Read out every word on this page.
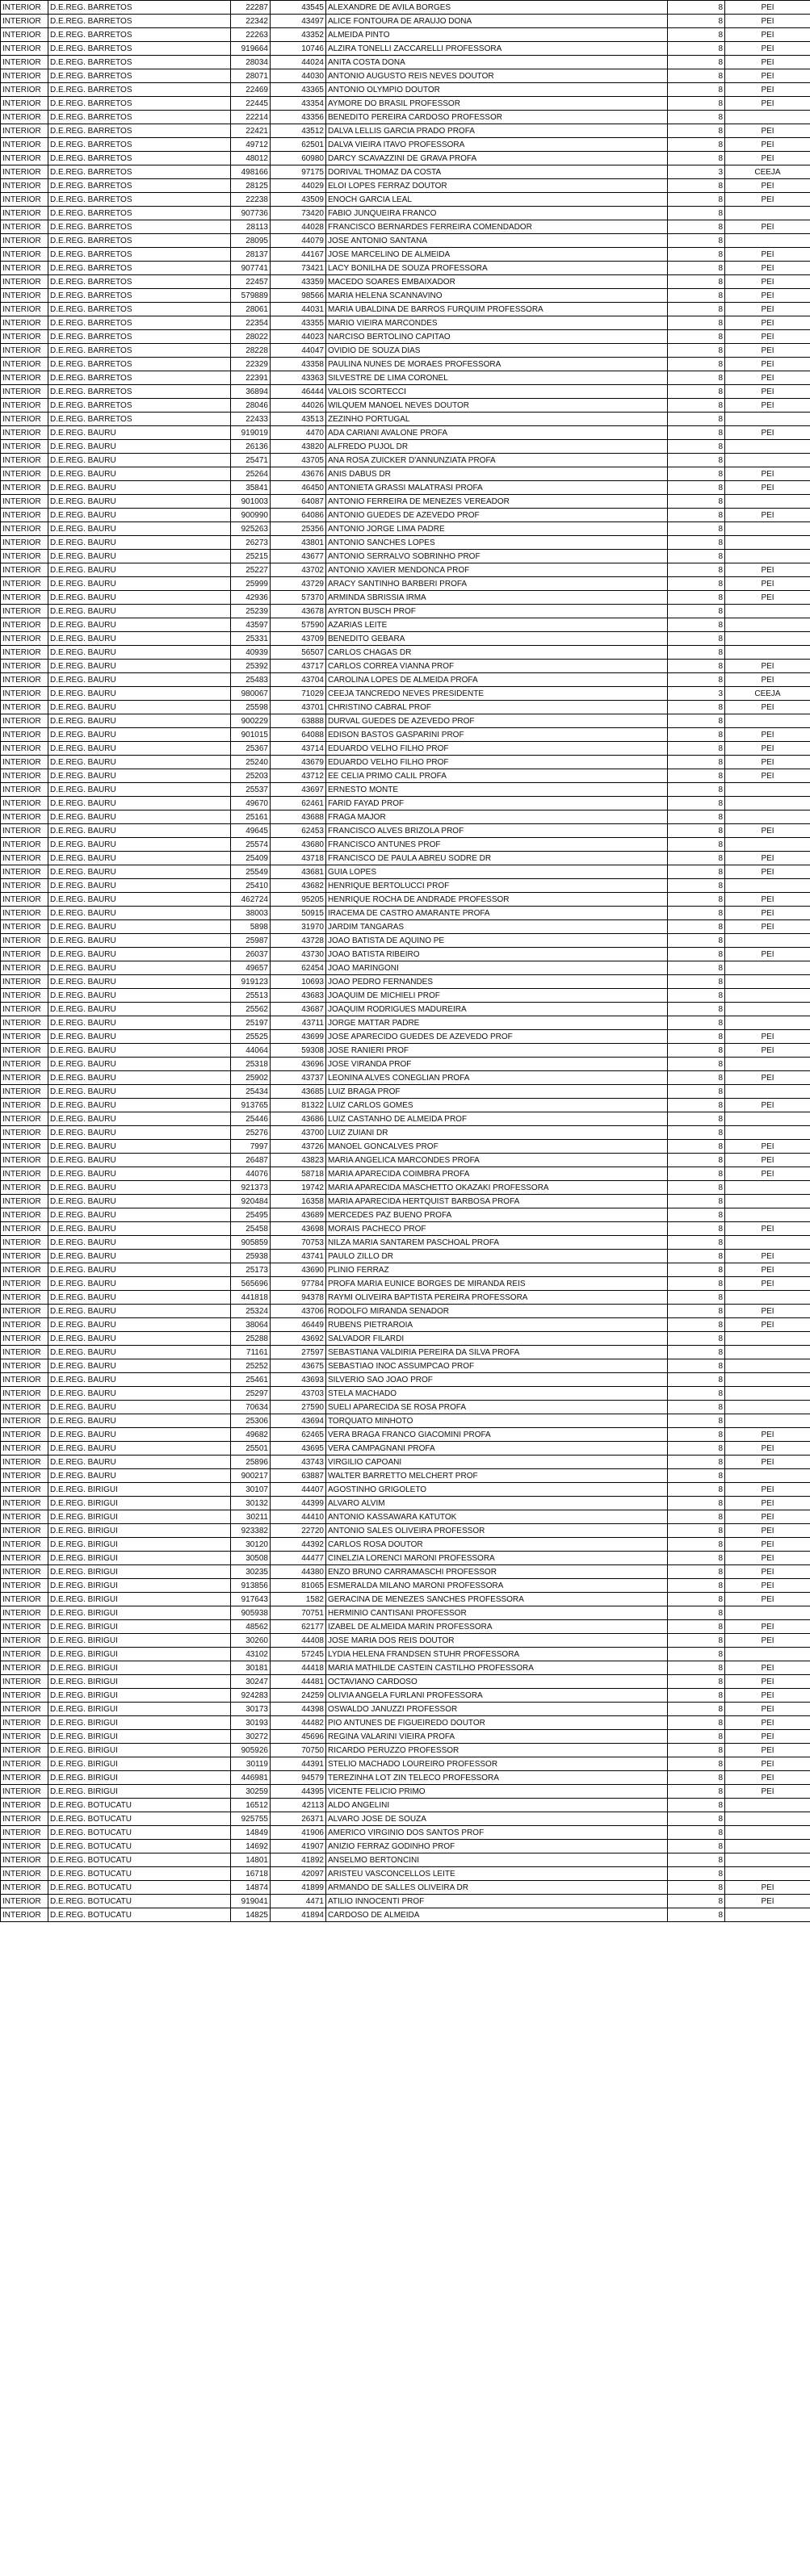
INTERIOR	D.E.REG. BARRETOS	22287	43545	ALEXANDRE DE AVILA BORGES	8	PEI
INTERIOR	D.E.REG. BARRETOS	22342	43497	ALICE FONTOURA DE ARAUJO DONA	8	PEI
INTERIOR	D.E.REG. BARRETOS	22263	43352	ALMEIDA PINTO	8	PEI
INTERIOR	D.E.REG. BARRETOS	919664	10746	ALZIRA TONELLI ZACCARELLI PROFESSORA	8	PEI
INTERIOR	D.E.REG. BARRETOS	28034	44024	ANITA COSTA DONA	8	PEI
INTERIOR	D.E.REG. BARRETOS	28071	44030	ANTONIO AUGUSTO REIS NEVES DOUTOR	8	PEI
INTERIOR	D.E.REG. BARRETOS	22469	43365	ANTONIO OLYMPIO DOUTOR	8	PEI
INTERIOR	D.E.REG. BARRETOS	22445	43354	AYMORE DO BRASIL PROFESSOR	8	PEI
INTERIOR	D.E.REG. BARRETOS	22214	43356	BENEDITO PEREIRA CARDOSO PROFESSOR	8	
INTERIOR	D.E.REG. BARRETOS	22421	43512	DALVA LELLIS GARCIA PRADO PROFA	8	PEI
INTERIOR	D.E.REG. BARRETOS	49712	62501	DALVA VIEIRA ITAVO PROFESSORA	8	PEI
INTERIOR	D.E.REG. BARRETOS	48012	60980	DARCY SCAVAZZINI DE GRAVA PROFA	8	PEI
INTERIOR	D.E.REG. BARRETOS	498166	97175	DORIVAL THOMAZ DA COSTA	3	CEEJA
INTERIOR	D.E.REG. BARRETOS	28125	44029	ELOI LOPES FERRAZ DOUTOR	8	PEI
INTERIOR	D.E.REG. BARRETOS	22238	43509	ENOCH GARCIA LEAL	8	PEI
INTERIOR	D.E.REG. BARRETOS	907736	73420	FABIO JUNQUEIRA FRANCO	8	
INTERIOR	D.E.REG. BARRETOS	28113	44028	FRANCISCO BERNARDES FERREIRA COMENDADOR	8	PEI
INTERIOR	D.E.REG. BARRETOS	28095	44079	JOSE ANTONIO SANTANA	8	
INTERIOR	D.E.REG. BARRETOS	28137	44167	JOSE MARCELINO DE ALMEIDA	8	PEI
INTERIOR	D.E.REG. BARRETOS	907741	73421	LACY BONILHA DE SOUZA PROFESSORA	8	PEI
INTERIOR	D.E.REG. BARRETOS	22457	43359	MACEDO SOARES EMBAIXADOR	8	PEI
INTERIOR	D.E.REG. BARRETOS	579889	98566	MARIA HELENA SCANNAVINO	8	PEI
INTERIOR	D.E.REG. BARRETOS	28061	44031	MARIA UBALDINA DE BARROS FURQUIM PROFESSORA	8	PEI
INTERIOR	D.E.REG. BARRETOS	22354	43355	MARIO VIEIRA MARCONDES	8	PEI
INTERIOR	D.E.REG. BARRETOS	28022	44023	NARCISO BERTOLINO CAPITAO	8	PEI
INTERIOR	D.E.REG. BARRETOS	28228	44047	OVIDIO DE SOUZA DIAS	8	PEI
INTERIOR	D.E.REG. BARRETOS	22329	43358	PAULINA NUNES DE MORAES PROFESSORA	8	PEI
INTERIOR	D.E.REG. BARRETOS	22391	43363	SILVESTRE DE LIMA CORONEL	8	PEI
INTERIOR	D.E.REG. BARRETOS	36894	46444	VALOIS SCORTECCI	8	PEI
INTERIOR	D.E.REG. BARRETOS	28046	44026	WILQUEM MANOEL NEVES DOUTOR	8	PEI
INTERIOR	D.E.REG. BARRETOS	22433	43513	ZEZINHO PORTUGAL	8	
INTERIOR	D.E.REG. BAURU	919019	4470	ADA CARIANI AVALONE PROFA	8	PEI
INTERIOR	D.E.REG. BAURU	26136	43820	ALFREDO PUJOL DR	8	
INTERIOR	D.E.REG. BAURU	25471	43705	ANA ROSA ZUICKER D'ANNUNZIATA PROFA	8	
INTERIOR	D.E.REG. BAURU	25264	43676	ANIS DABUS DR	8	PEI
INTERIOR	D.E.REG. BAURU	35841	46450	ANTONIETA GRASSI MALATRASI PROFA	8	PEI
INTERIOR	D.E.REG. BAURU	901003	64087	ANTONIO FERREIRA DE MENEZES VEREADOR	8	
INTERIOR	D.E.REG. BAURU	900990	64086	ANTONIO GUEDES DE AZEVEDO PROF	8	PEI
INTERIOR	D.E.REG. BAURU	925263	25356	ANTONIO JORGE LIMA PADRE	8	
INTERIOR	D.E.REG. BAURU	26273	43801	ANTONIO SANCHES LOPES	8	
INTERIOR	D.E.REG. BAURU	25215	43677	ANTONIO SERRALVO SOBRINHO PROF	8	
INTERIOR	D.E.REG. BAURU	25227	43702	ANTONIO XAVIER MENDONCA PROF	8	PEI
INTERIOR	D.E.REG. BAURU	25999	43729	ARACY SANTINHO BARBERI PROFA	8	PEI
INTERIOR	D.E.REG. BAURU	42936	57370	ARMINDA SBRISSIA IRMA	8	PEI
INTERIOR	D.E.REG. BAURU	25239	43678	AYRTON BUSCH PROF	8	
INTERIOR	D.E.REG. BAURU	43597	57590	AZARIAS LEITE	8	
INTERIOR	D.E.REG. BAURU	25331	43709	BENEDITO GEBARA	8	
INTERIOR	D.E.REG. BAURU	40939	56507	CARLOS CHAGAS DR	8	
INTERIOR	D.E.REG. BAURU	25392	43717	CARLOS CORREA VIANNA PROF	8	PEI
INTERIOR	D.E.REG. BAURU	25483	43704	CAROLINA LOPES DE ALMEIDA PROFA	8	PEI
INTERIOR	D.E.REG. BAURU	980067	71029	CEEJA TANCREDO NEVES PRESIDENTE	3	CEEJA
INTERIOR	D.E.REG. BAURU	25598	43701	CHRISTINO CABRAL PROF	8	PEI
INTERIOR	D.E.REG. BAURU	900229	63888	DURVAL GUEDES DE AZEVEDO PROF	8	
INTERIOR	D.E.REG. BAURU	901015	64088	EDISON BASTOS GASPARINI PROF	8	PEI
INTERIOR	D.E.REG. BAURU	25367	43714	EDUARDO VELHO FILHO PROF	8	PEI
INTERIOR	D.E.REG. BAURU	25240	43679	EDUARDO VELHO FILHO PROF	8	PEI
INTERIOR	D.E.REG. BAURU	25203	43712	EE CELIA PRIMO CALIL PROFA	8	PEI
INTERIOR	D.E.REG. BAURU	25537	43697	ERNESTO MONTE	8	
INTERIOR	D.E.REG. BAURU	49670	62461	FARID FAYAD PROF	8	
INTERIOR	D.E.REG. BAURU	25161	43688	FRAGA MAJOR	8	
INTERIOR	D.E.REG. BAURU	49645	62453	FRANCISCO ALVES BRIZOLA PROF	8	PEI
INTERIOR	D.E.REG. BAURU	25574	43680	FRANCISCO ANTUNES PROF	8	
INTERIOR	D.E.REG. BAURU	25409	43718	FRANCISCO DE PAULA ABREU SODRE DR	8	PEI
INTERIOR	D.E.REG. BAURU	25549	43681	GUIA LOPES	8	PEI
INTERIOR	D.E.REG. BAURU	25410	43682	HENRIQUE BERTOLUCCI PROF	8	
INTERIOR	D.E.REG. BAURU	462724	95205	HENRIQUE ROCHA DE ANDRADE PROFESSOR	8	PEI
INTERIOR	D.E.REG. BAURU	38003	50915	IRACEMA DE CASTRO AMARANTE PROFA	8	PEI
INTERIOR	D.E.REG. BAURU	5898	31970	JARDIM TANGARAS	8	PEI
INTERIOR	D.E.REG. BAURU	25987	43728	JOAO BATISTA DE AQUINO PE	8	
INTERIOR	D.E.REG. BAURU	26037	43730	JOAO BATISTA RIBEIRO	8	PEI
INTERIOR	D.E.REG. BAURU	49657	62454	JOAO MARINGONI	8	
INTERIOR	D.E.REG. BAURU	919123	10693	JOAO PEDRO FERNANDES	8	
INTERIOR	D.E.REG. BAURU	25513	43683	JOAQUIM DE MICHIELI PROF	8	
INTERIOR	D.E.REG. BAURU	25562	43687	JOAQUIM RODRIGUES MADUREIRA	8	
INTERIOR	D.E.REG. BAURU	25197	43711	JORGE MATTAR PADRE	8	
INTERIOR	D.E.REG. BAURU	25525	43699	JOSE APARECIDO GUEDES DE AZEVEDO PROF	8	PEI
INTERIOR	D.E.REG. BAURU	44064	59308	JOSE RANIERI PROF	8	PEI
INTERIOR	D.E.REG. BAURU	25318	43696	JOSE VIRANDA PROF	8	
INTERIOR	D.E.REG. BAURU	25902	43737	LEONINA ALVES CONEGLIAN PROFA	8	PEI
INTERIOR	D.E.REG. BAURU	25434	43685	LUIZ BRAGA PROF	8	
INTERIOR	D.E.REG. BAURU	913765	81322	LUIZ CARLOS GOMES	8	PEI
INTERIOR	D.E.REG. BAURU	25446	43686	LUIZ CASTANHO DE ALMEIDA PROF	8	
INTERIOR	D.E.REG. BAURU	25276	43700	LUIZ ZUIANI DR	8	
INTERIOR	D.E.REG. BAURU	7997	43726	MANOEL GONCALVES PROF	8	PEI
INTERIOR	D.E.REG. BAURU	26487	43823	MARIA ANGELICA MARCONDES PROFA	8	PEI
INTERIOR	D.E.REG. BAURU	44076	58718	MARIA APARECIDA COIMBRA PROFA	8	PEI
INTERIOR	D.E.REG. BAURU	921373	19742	MARIA APARECIDA MASCHETTO OKAZAKI PROFESSORA	8	
INTERIOR	D.E.REG. BAURU	920484	16358	MARIA APARECIDA HERTQUIST BARBOSA PROFA	8	
INTERIOR	D.E.REG. BAURU	25495	43689	MERCEDES PAZ BUENO PROFA	8	
INTERIOR	D.E.REG. BAURU	25458	43698	MORAIS PACHECO PROF	8	PEI
INTERIOR	D.E.REG. BAURU	905859	70753	NILZA MARIA SANTAREM PASCHOAL PROFA	8	
INTERIOR	D.E.REG. BAURU	25938	43741	PAULO ZILLO DR	8	PEI
INTERIOR	D.E.REG. BAURU	25173	43690	PLINIO FERRAZ	8	PEI
INTERIOR	D.E.REG. BAURU	565696	97784	PROFA MARIA EUNICE BORGES DE MIRANDA REIS	8	PEI
INTERIOR	D.E.REG. BAURU	441818	94378	RAYMI OLIVEIRA BAPTISTA PEREIRA PROFESSORA	8	
INTERIOR	D.E.REG. BAURU	25324	43706	RODOLFO MIRANDA SENADOR	8	PEI
INTERIOR	D.E.REG. BAURU	38064	46449	RUBENS PIETRAROIA	8	PEI
INTERIOR	D.E.REG. BAURU	25288	43692	SALVADOR FILARDI	8	
INTERIOR	D.E.REG. BAURU	71161	27597	SEBASTIANA VALDIRIA PEREIRA DA SILVA PROFA	8	
INTERIOR	D.E.REG. BAURU	25252	43675	SEBASTIAO INOC ASSUMPCAO PROF	8	
INTERIOR	D.E.REG. BAURU	25461	43693	SILVERIO SAO JOAO PROF	8	
INTERIOR	D.E.REG. BAURU	25297	43703	STELA MACHADO	8	
INTERIOR	D.E.REG. BAURU	70634	27590	SUELI APARECIDA SE ROSA PROFA	8	
INTERIOR	D.E.REG. BAURU	25306	43694	TORQUATO MINHOTO	8	
INTERIOR	D.E.REG. BAURU	49682	62465	VERA BRAGA FRANCO GIACOMINI PROFA	8	PEI
INTERIOR	D.E.REG. BAURU	25501	43695	VERA CAMPAGNANI PROFA	8	PEI
INTERIOR	D.E.REG. BAURU	25896	43743	VIRGILIO CAPOANI	8	PEI
INTERIOR	D.E.REG. BAURU	900217	63887	WALTER BARRETTO MELCHERT PROF	8	
INTERIOR	D.E.REG. BIRIGUI	30107	44407	AGOSTINHO GRIGOLETO	8	PEI
INTERIOR	D.E.REG. BIRIGUI	30132	44399	ALVARO ALVIM	8	PEI
INTERIOR	D.E.REG. BIRIGUI	30211	44410	ANTONIO KASSAWARA KATUTOK	8	PEI
INTERIOR	D.E.REG. BIRIGUI	923382	22720	ANTONIO SALES OLIVEIRA PROFESSOR	8	PEI
INTERIOR	D.E.REG. BIRIGUI	30120	44392	CARLOS ROSA DOUTOR	8	PEI
INTERIOR	D.E.REG. BIRIGUI	30508	44477	CINELZIA LORENCI MARONI PROFESSORA	8	PEI
INTERIOR	D.E.REG. BIRIGUI	30235	44380	ENZO BRUNO CARRAMASCHI PROFESSOR	8	PEI
INTERIOR	D.E.REG. BIRIGUI	913856	81065	ESMERALDA MILANO MARONI PROFESSORA	8	PEI
INTERIOR	D.E.REG. BIRIGUI	917643	1582	GERACINA DE MENEZES SANCHES PROFESSORA	8	PEI
INTERIOR	D.E.REG. BIRIGUI	905938	70751	HERMINIO CANTISANI PROFESSOR	8	
INTERIOR	D.E.REG. BIRIGUI	48562	62177	IZABEL DE ALMEIDA MARIN PROFESSORA	8	PEI
INTERIOR	D.E.REG. BIRIGUI	30260	44408	JOSE MARIA DOS REIS DOUTOR	8	PEI
INTERIOR	D.E.REG. BIRIGUI	43102	57245	LYDIA HELENA FRANDSEN STUHR PROFESSORA	8	
INTERIOR	D.E.REG. BIRIGUI	30181	44418	MARIA MATHILDE CASTEIN CASTILHO PROFESSORA	8	PEI
INTERIOR	D.E.REG. BIRIGUI	30247	44481	OCTAVIANO CARDOSO	8	PEI
INTERIOR	D.E.REG. BIRIGUI	924283	24259	OLIVIA ANGELA FURLANI PROFESSORA	8	PEI
INTERIOR	D.E.REG. BIRIGUI	30173	44398	OSWALDO JANUZZI PROFESSOR	8	PEI
INTERIOR	D.E.REG. BIRIGUI	30193	44482	PIO ANTUNES DE FIGUEIREDO DOUTOR	8	PEI
INTERIOR	D.E.REG. BIRIGUI	30272	45696	REGINA VALARINI VIEIRA PROFA	8	PEI
INTERIOR	D.E.REG. BIRIGUI	905926	70750	RICARDO PERUZZO PROFESSOR	8	PEI
INTERIOR	D.E.REG. BIRIGUI	30119	44391	STELIO MACHADO LOUREIRO PROFESSOR	8	PEI
INTERIOR	D.E.REG. BIRIGUI	446981	94579	TEREZINHA LOT ZIN TELECO PROFESSORA	8	PEI
INTERIOR	D.E.REG. BIRIGUI	30259	44395	VICENTE FELICIO PRIMO	8	PEI
INTERIOR	D.E.REG. BOTUCATU	16512	42113	ALDO ANGELINI	8	
INTERIOR	D.E.REG. BOTUCATU	925755	26371	ALVARO JOSE DE SOUZA	8	
INTERIOR	D.E.REG. BOTUCATU	14849	41906	AMERICO VIRGINIO DOS SANTOS PROF	8	
INTERIOR	D.E.REG. BOTUCATU	14692	41907	ANIZIO FERRAZ GODINHO PROF	8	
INTERIOR	D.E.REG. BOTUCATU	14801	41892	ANSELMO BERTONCINI	8	
INTERIOR	D.E.REG. BOTUCATU	16718	42097	ARISTEU VASCONCELLOS LEITE	8	
INTERIOR	D.E.REG. BOTUCATU	14874	41899	ARMANDO DE SALLES OLIVEIRA DR	8	PEI
INTERIOR	D.E.REG. BOTUCATU	919041	4471	ATILIO INNOCENTI PROF	8	PEI
INTERIOR	D.E.REG. BOTUCATU	14825	41894	CARDOSO DE ALMEIDA	8	
